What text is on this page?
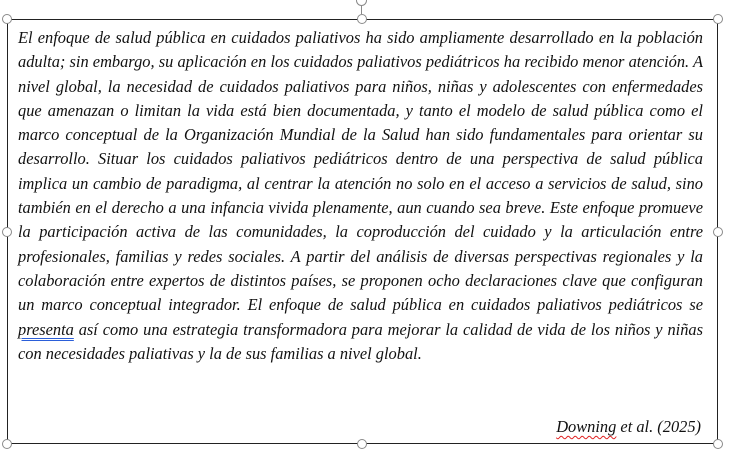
El enfoque de salud pública en cuidados paliativos ha sido ampliamente desarrollado en la población adulta; sin embargo, su aplicación en los cuidados paliativos pediátricos ha recibido menor atención. A nivel global, la necesidad de cuidados paliativos para niños, niñas y adolescentes con enfermedades que amenazan o limitan la vida está bien documentada, y tanto el modelo de salud pública como el marco conceptual de la Organización Mundial de la Salud han sido fundamentales para orientar su desarrollo. Situar los cuidados paliativos pediátricos dentro de una perspectiva de salud pública implica un cambio de paradigma, al centrar la atención no solo en el acceso a servicios de salud, sino también en el derecho a una infancia vivida plenamente, aun cuando sea breve. Este enfoque promueve la participación activa de las comunidades, la coproducción del cuidado y la articulación entre profesionales, familias y redes sociales. A partir del análisis de diversas perspectivas regionales y la colaboración entre expertos de distintos países, se proponen ocho declaraciones clave que configuran un marco conceptual integrador. El enfoque de salud pública en cuidados paliativos pediátricos se presenta así como una estrategia transformadora para mejorar la calidad de vida de los niños y niñas con necesidades paliativas y la de sus familias a nivel global.
Downing et al. (2025)
